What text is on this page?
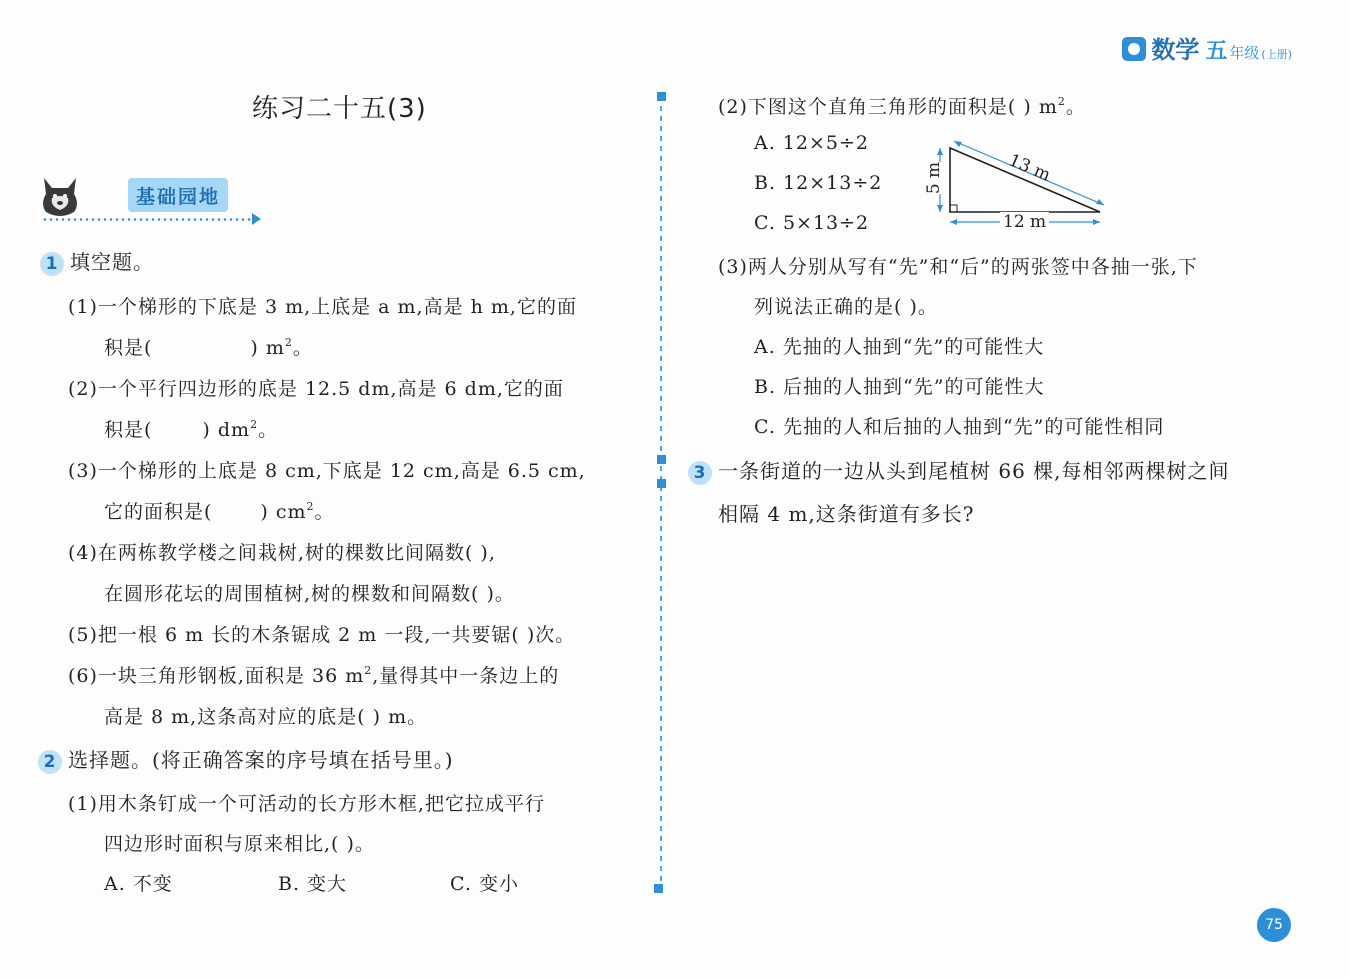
数学 五 年级 (上册)
练习二十五(3)
基础园地
1 填空题。
(1)一个梯形的下底是 3 m,上底是 a m,高是 h m,它的面
积是(	) $m^2$。
(2)一个平行四边形的底是 12.5 dm,高是 6 dm,它的面
积是(	) $dm^2$。
(3)一个梯形的上底是 8 cm,下底是 12 cm,高是 6.5 cm,
它的面积是(	) $cm^2$。
(4)在两栋教学楼之间栽树,树的棵数比间隔数( ),
在圆形花坛的周围植树,树的棵数和间隔数( )。
(5)把一根 6 m 长的木条锯成 2 m 一段,一共要锯( )次。
(6)一块三角形钢板,面积是 36 $m^2$,量得其中一条边上的
高是 8 m,这条高对应的底是( ) m。
2 选择题。(将正确答案的序号填在括号里。)
(1)用木条钉成一个可活动的长方形木框,把它拉成平行
四边形时面积与原来相比,( )。
A. 不变	B. 变大	C. 变小
(2)下图这个直角三角形的面积是( ) $m^2$。
A. 12×5÷2
B. 12×13÷2
C. 5×13÷2
13 m
5 m
12 m
(3)两人分别从写有“先”和“后”的两张签中各抽一张,下
列说法正确的是( )。
A. 先抽的人抽到“先”的可能性大
B. 后抽的人抽到“先”的可能性大
C. 先抽的人和后抽的人抽到“先”的可能性相同
3 一条街道的一边从头到尾植树 66 棵,每相邻两棵树之间
相隔 4 m,这条街道有多长?
75
